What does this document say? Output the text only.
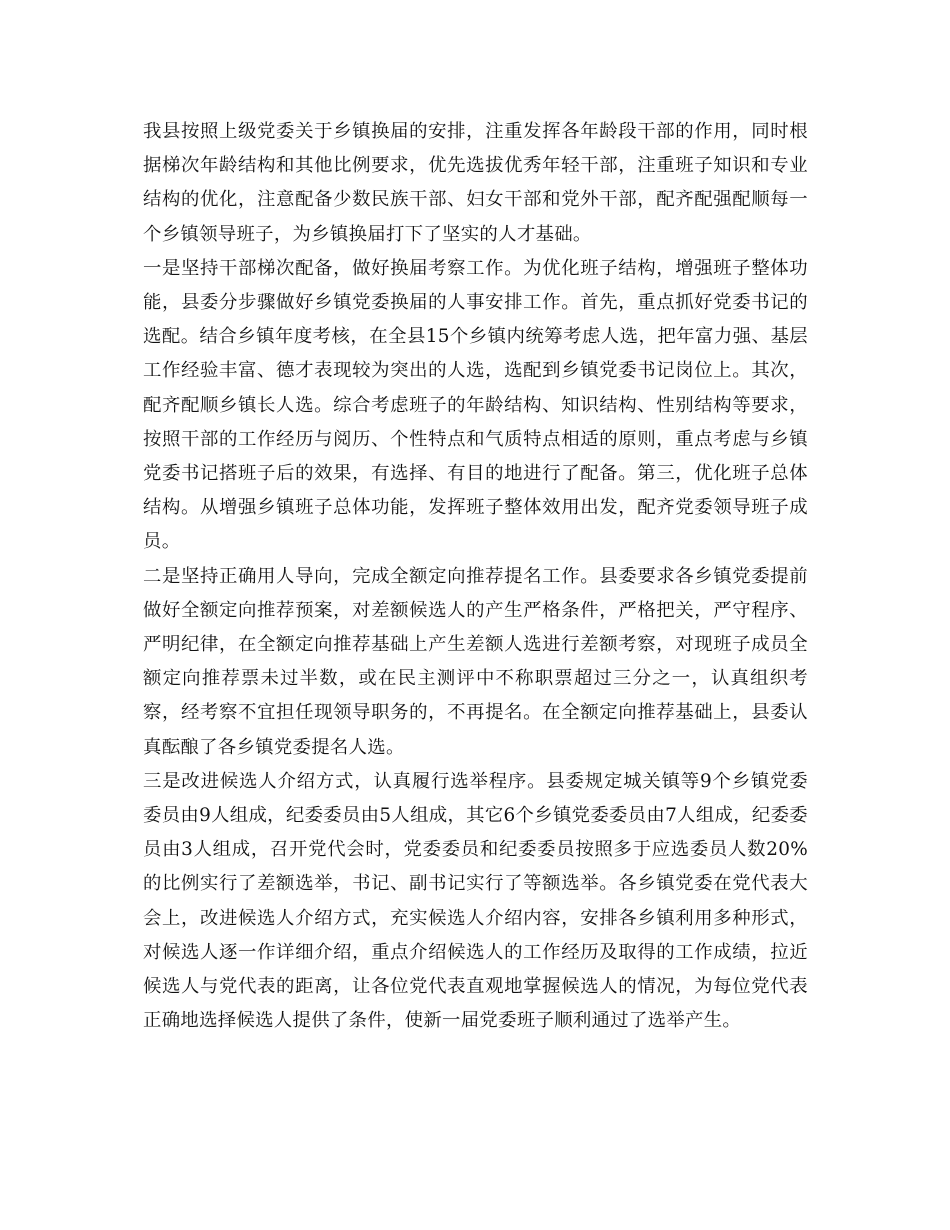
我县按照上级党委关于乡镇换届的安排，注重发挥各年龄段干部的作用，同时根据梯次年龄结构和其他比例要求，优先选拔优秀年轻干部，注重班子知识和专业结构的优化，注意配备少数民族干部、妇女干部和党外干部，配齐配强配顺每一个乡镇领导班子，为乡镇换届打下了坚实的人才基础。

一是坚持干部梯次配备，做好换届考察工作。为优化班子结构，增强班子整体功能，县委分步骤做好乡镇党委换届的人事安排工作。首先，重点抓好党委书记的选配。结合乡镇年度考核，在全县15个乡镇内统筹考虑人选，把年富力强、基层工作经验丰富、德才表现较为突出的人选，选配到乡镇党委书记岗位上。其次，配齐配顺乡镇长人选。综合考虑班子的年龄结构、知识结构、性别结构等要求，按照干部的工作经历与阅历、个性特点和气质特点相适的原则，重点考虑与乡镇党委书记搭班子后的效果，有选择、有目的地进行了配备。第三，优化班子总体结构。从增强乡镇班子总体功能，发挥班子整体效用出发，配齐党委领导班子成员。

二是坚持正确用人导向，完成全额定向推荐提名工作。县委要求各乡镇党委提前做好全额定向推荐预案，对差额候选人的产生严格条件，严格把关，严守程序、严明纪律，在全额定向推荐基础上产生差额人选进行差额考察，对现班子成员全额定向推荐票未过半数，或在民主测评中不称职票超过三分之一，认真组织考察，经考察不宜担任现领导职务的，不再提名。在全额定向推荐基础上，县委认真酝酿了各乡镇党委提名人选。

三是改进候选人介绍方式，认真履行选举程序。县委规定城关镇等9个乡镇党委委员由9人组成，纪委委员由5人组成，其它6个乡镇党委委员由7人组成，纪委委员由3人组成，召开党代会时，党委委员和纪委委员按照多于应选委员人数20%的比例实行了差额选举，书记、副书记实行了等额选举。各乡镇党委在党代表大会上，改进候选人介绍方式，充实候选人介绍内容，安排各乡镇利用多种形式，对候选人逐一作详细介绍，重点介绍候选人的工作经历及取得的工作成绩，拉近候选人与党代表的距离，让各位党代表直观地掌握候选人的情况，为每位党代表正确地选择候选人提供了条件，使新一届党委班子顺利通过了选举产生。
